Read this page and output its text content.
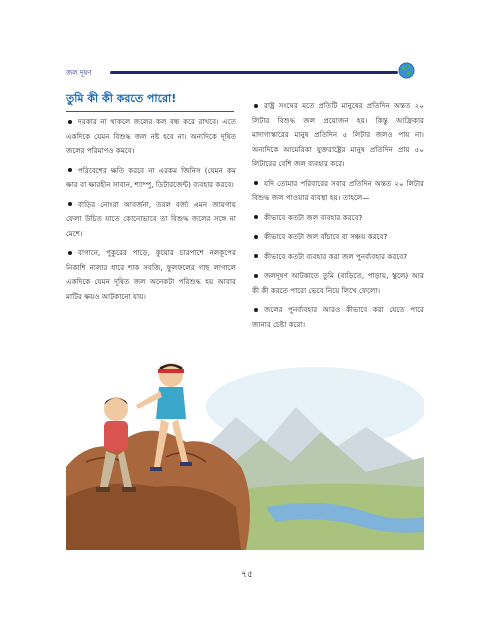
জল দূষণ
তুমি কী কী করতে পারো!

দরকার না থাকলে জলের কল বন্ধ করে রাখবে। এতে একদিকে যেমন বিশুদ্ধ জল নষ্ট হবে না। অন্যদিকে দূষিত জলের পরিমাণও কমবে।

পরিবেশের ক্ষতি করবে না এরকম জিনিস (যেমন কম ক্ষার বা ক্ষারহীন সাবান, শ্যাম্পু, ডিটারজেন্ট) ব্যবহার করবে।

বাড়ির নোংরা আবর্জনা, তরল বর্জ্য এমন জায়গায় ফেলা উচিত যাতে কোনোভাবে তা বিশুদ্ধ জলের সঙ্গে না মেশে।

বাগানে, পুকুরের পাড়ে, কুয়োর চারপাশে নলকূপের নিকাশি নালার ধারে শাক সবজি, ফুলফলের গাছ লাগালে একদিকে যেমন দূষিত জল অনেকটা পরিশুদ্ধ হয় আবার মাটির ক্ষয়ও আটকানো যায়।

রাষ্ট্র সংঘের মতে প্রতিটি মানুষের প্রতিদিন অন্তত ২০ লিটার বিশুদ্ধ জল প্রয়োজন হয়। কিন্তু আফ্রিকার মাদাগাস্কারের মানুষ প্রতিদিন ৫ লিটার জলও পায় না। অন্যদিকে আমেরিকা যুক্তরাষ্ট্রের মানুষ প্রতিদিন প্রায় ৫০ লিটারের বেশি জল ব্যবহার করে।

যদি তোমার পরিবারের সবার প্রতিদিন অন্তত ২০ লিটার বিশুদ্ধ জল পাওয়ার ব্যবস্থা হয়। তাহলে—

কীভাবে কতটা জল ব্যবহার করবে?

কীভাবে কতটা জল বাঁচাবে বা সঞ্চয় করবে?

কীভাবে কতটা ব্যবহার করা জল পুনর্ব্যবহার করবে?

জলদূষণ আটকাতে তুমি (বাড়িতে, পাড়ায়, স্কুলে) আর কী কী করতে পারো ভেবে নিয়ে লিখে ফেলো।

জলের পুনর্ব্যবহার আরও কীভাবে করা যেতে পারে জানার চেষ্টা করো।

৭৫
